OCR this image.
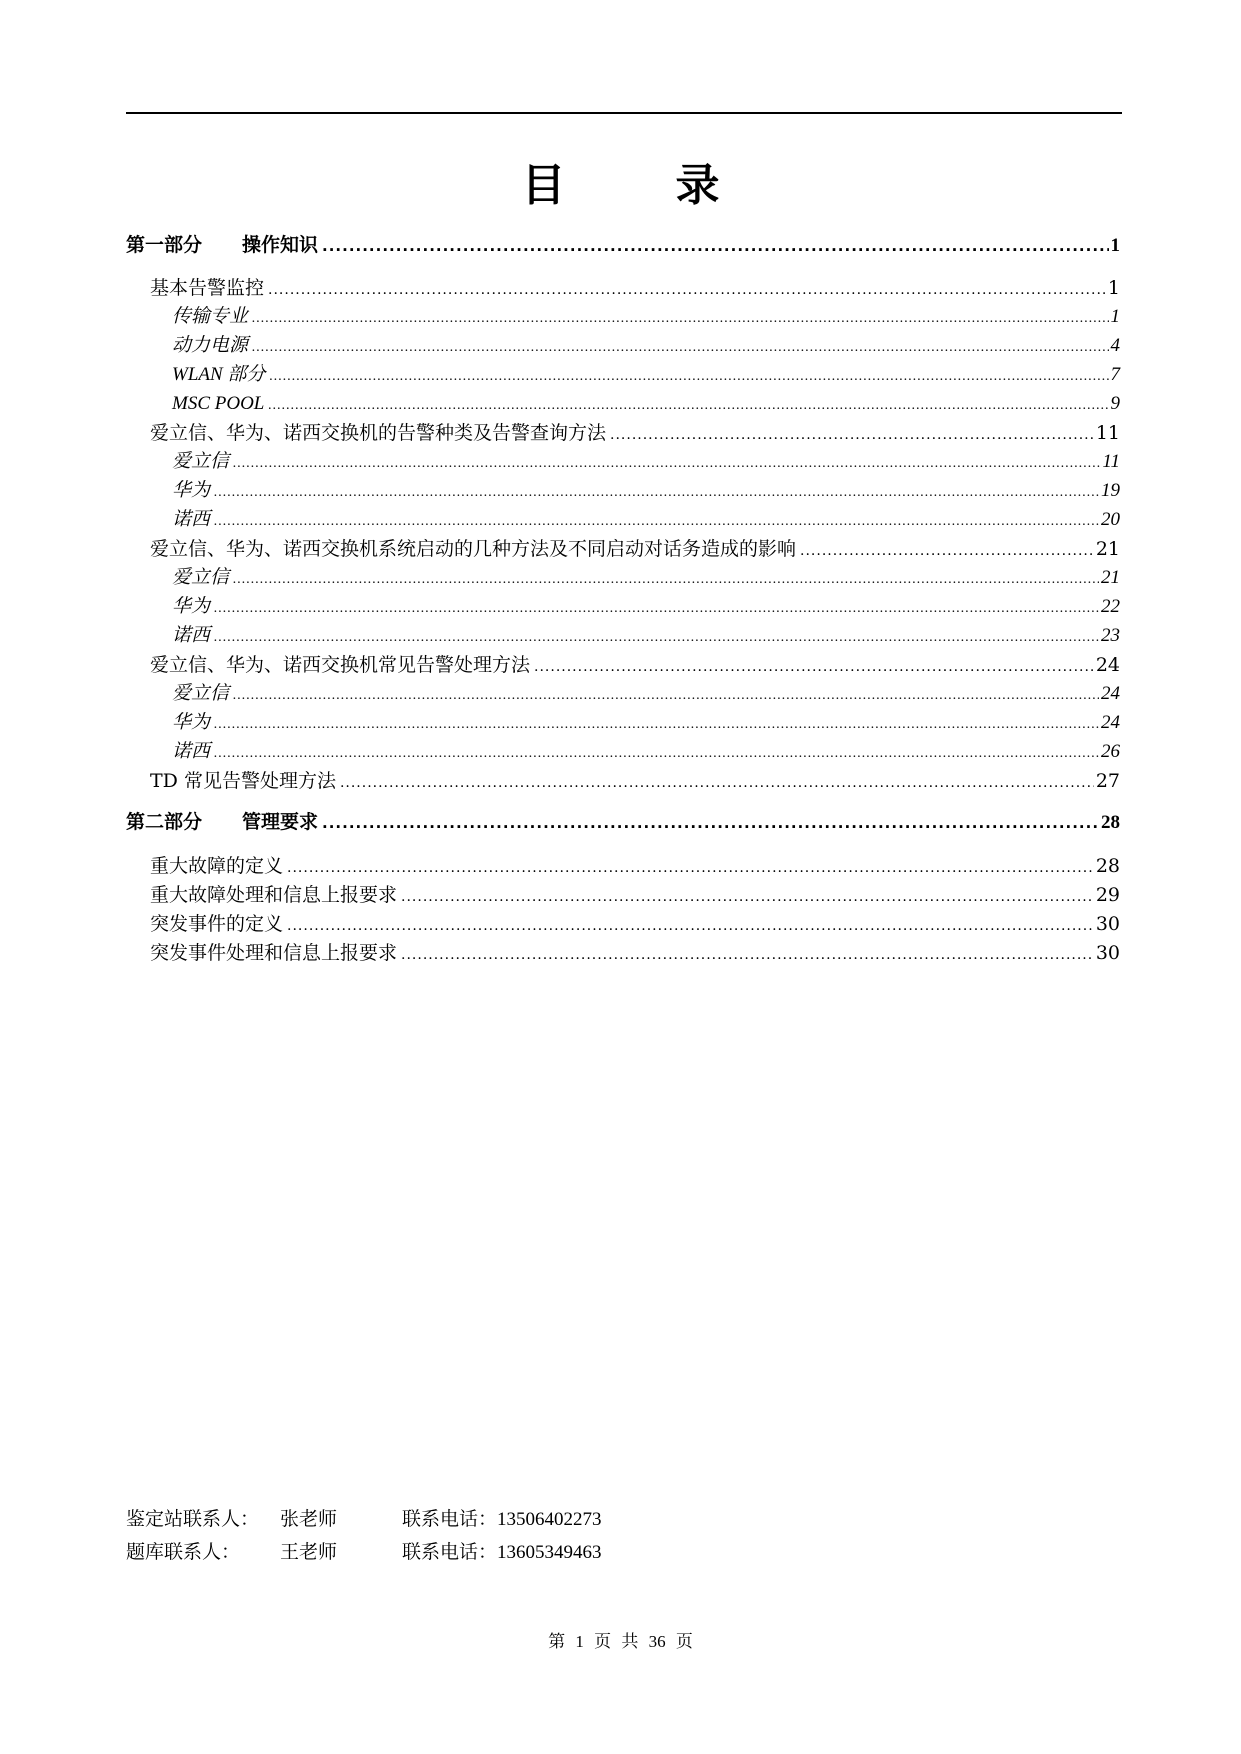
目	录
第一部分 操作知识 .....	1
基本告警监控 .....	1
传输专业 .....	1
动力电源 .....	4
WLAN 部分 .....	7
MSC POOL .....	9
爱立信、华为、诺西交换机的告警种类及告警查询方法 .....	11
爱立信 .....	11
华为 .....	19
诺西 .....	20
爱立信、华为、诺西交换机系统启动的几种方法及不同启动对话务造成的影响 .....	21
爱立信 .....	21
华为 .....	22
诺西 .....	23
爱立信、华为、诺西交换机常见告警处理方法 .....	24
爱立信 .....	24
华为 .....	24
诺西 .....	26
TD 常见告警处理方法 .....	27
第二部分 管理要求 .....	28
重大故障的定义 .....	28
重大故障处理和信息上报要求 .....	29
突发事件的定义 .....	30
突发事件处理和信息上报要求 .....	30
鉴定站联系人： 张老师	联系电话：13506402273
题库联系人： 王老师	联系电话：13605349463
第 1 页 共 36 页
